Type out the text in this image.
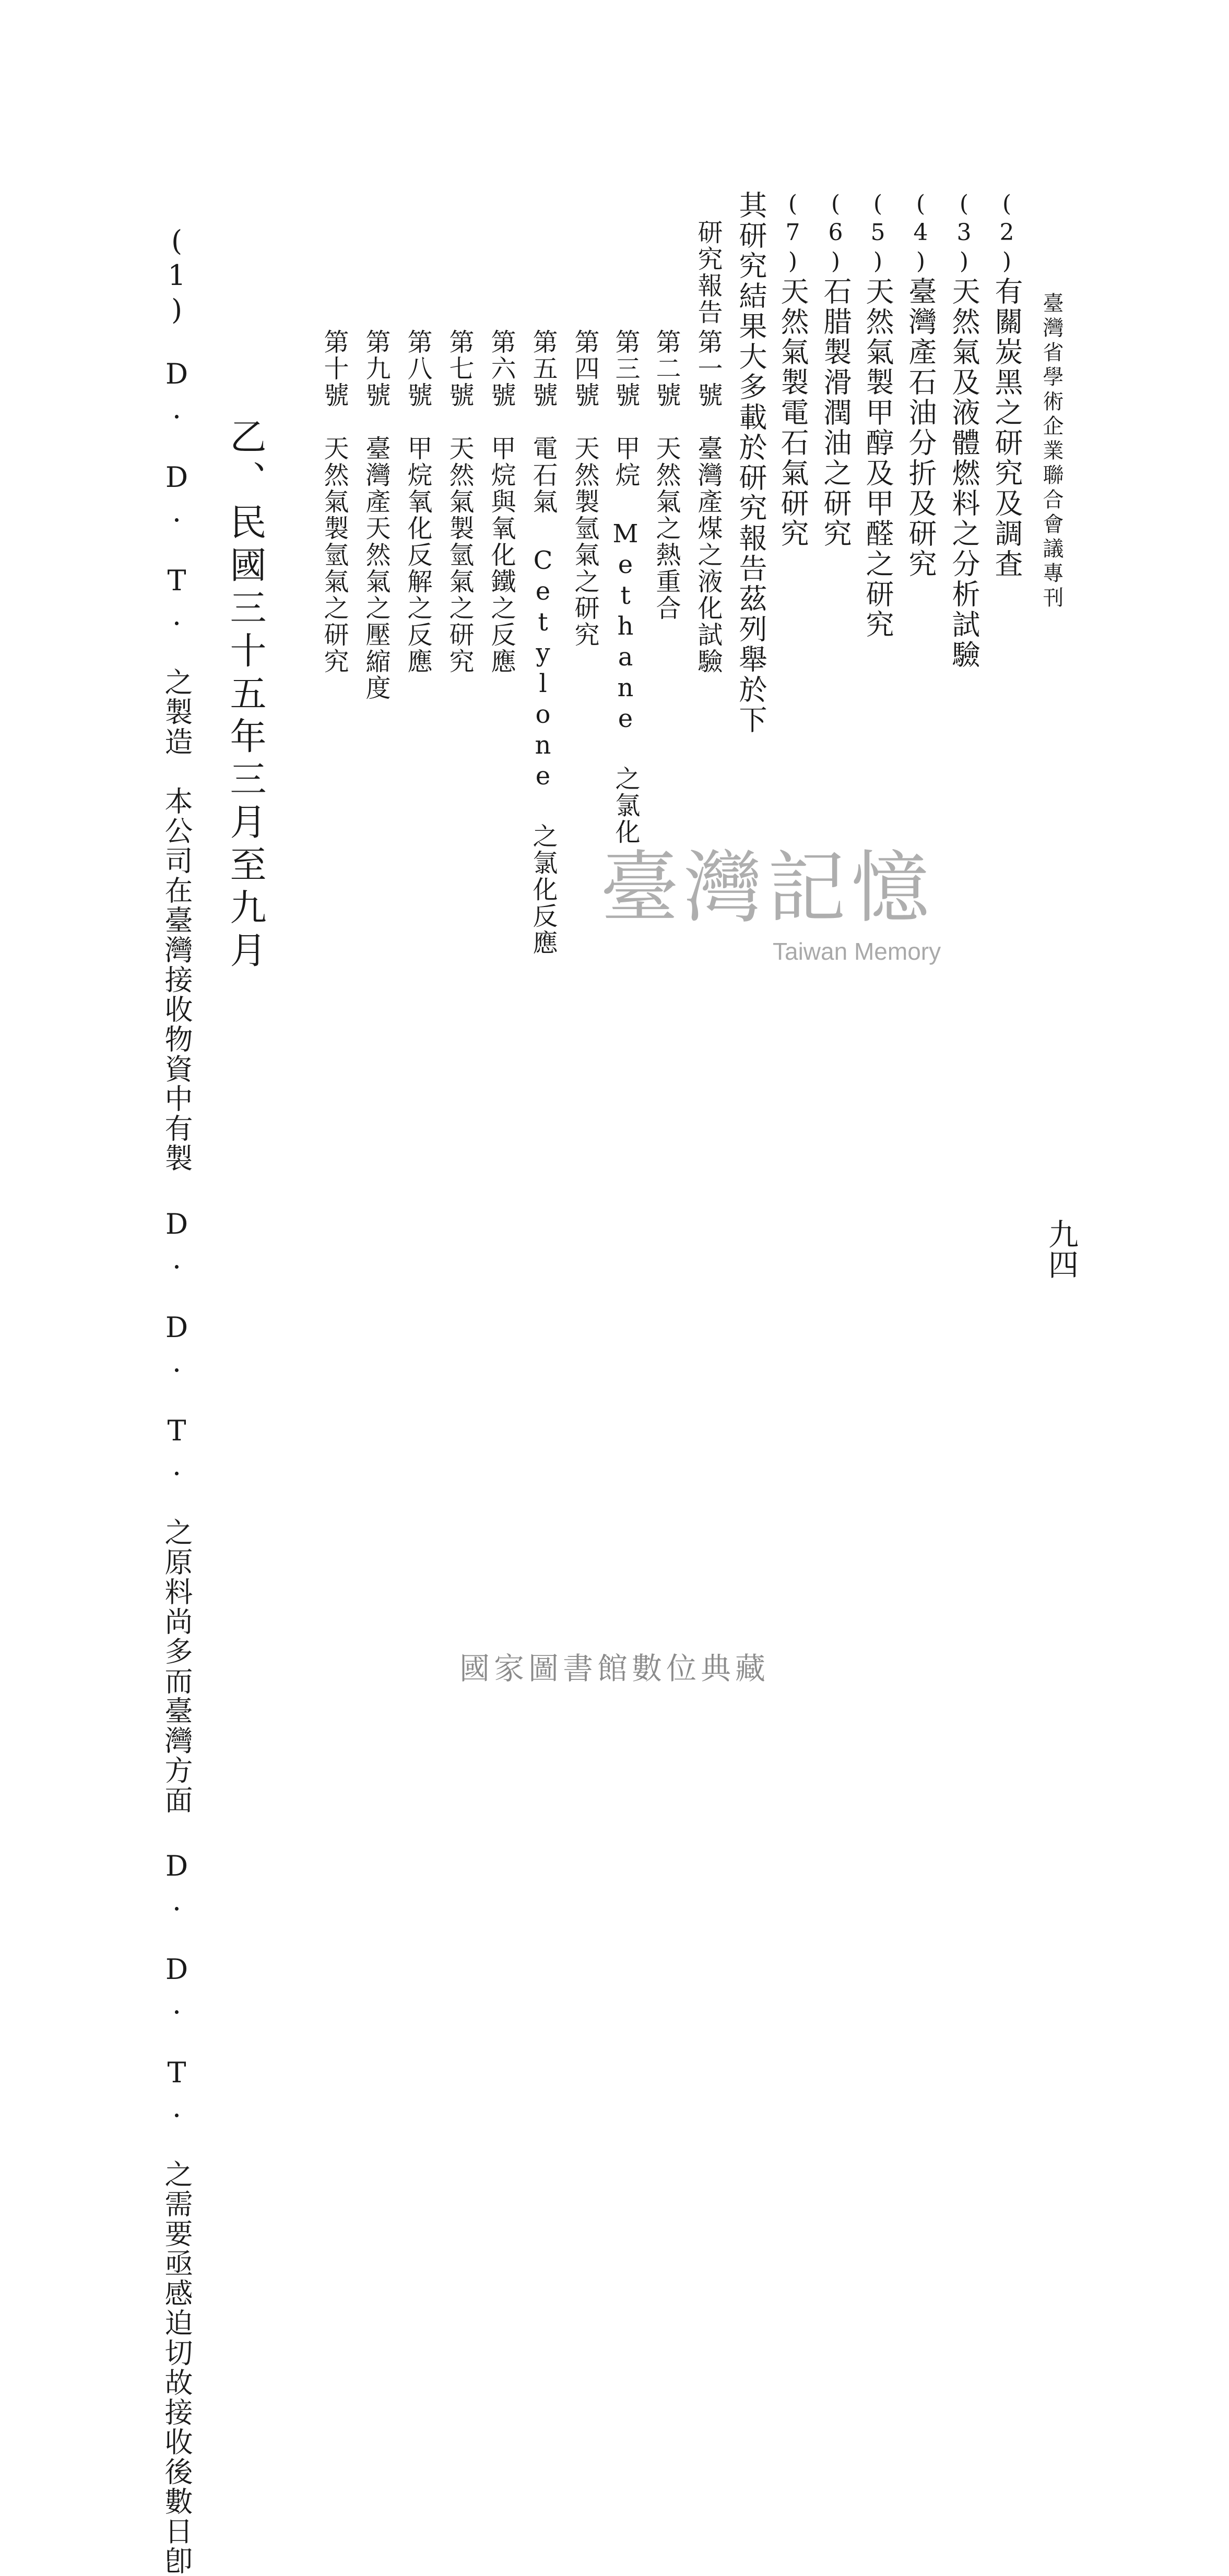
臺灣省學術企業聯合會議專刊
九四
(2)有關炭黑之研究及調査
(3)天然氣及液體燃料之分析試驗
(4)臺灣產石油分折及研究
(5)天然氣製甲醇及甲醛之研究
(6)石腊製滑潤油之研究
(7)天然氣製電石氣研究
其研究結果大多載於研究報告茲列舉於下
研究報告
第一號　臺灣產煤之液化試驗
第二號　天然氣之熱重合
第三號　甲烷 Methane 之氯化
第四號　天然製氫氣之研究
第五號　電石氣 Cetylone 之氯化反應
第六號　甲烷與氧化鐵之反應
第七號　天然氣製氫氣之研究
第八號　甲烷氧化反解之反應
第九號　臺灣產天然氣之壓縮度
第十號　天然氣製氫氣之研究
乙、民國三十五年三月至九月
(1)　D. D. T. 之製造　本公司在臺灣接收物資中有製 D. D. T. 之原料尚多而臺灣方面 D. D. T. 之需要亟感迫切故接收後數日卽	臺灣記憶
Taiwan Memory
國家圖書館數位典藏
